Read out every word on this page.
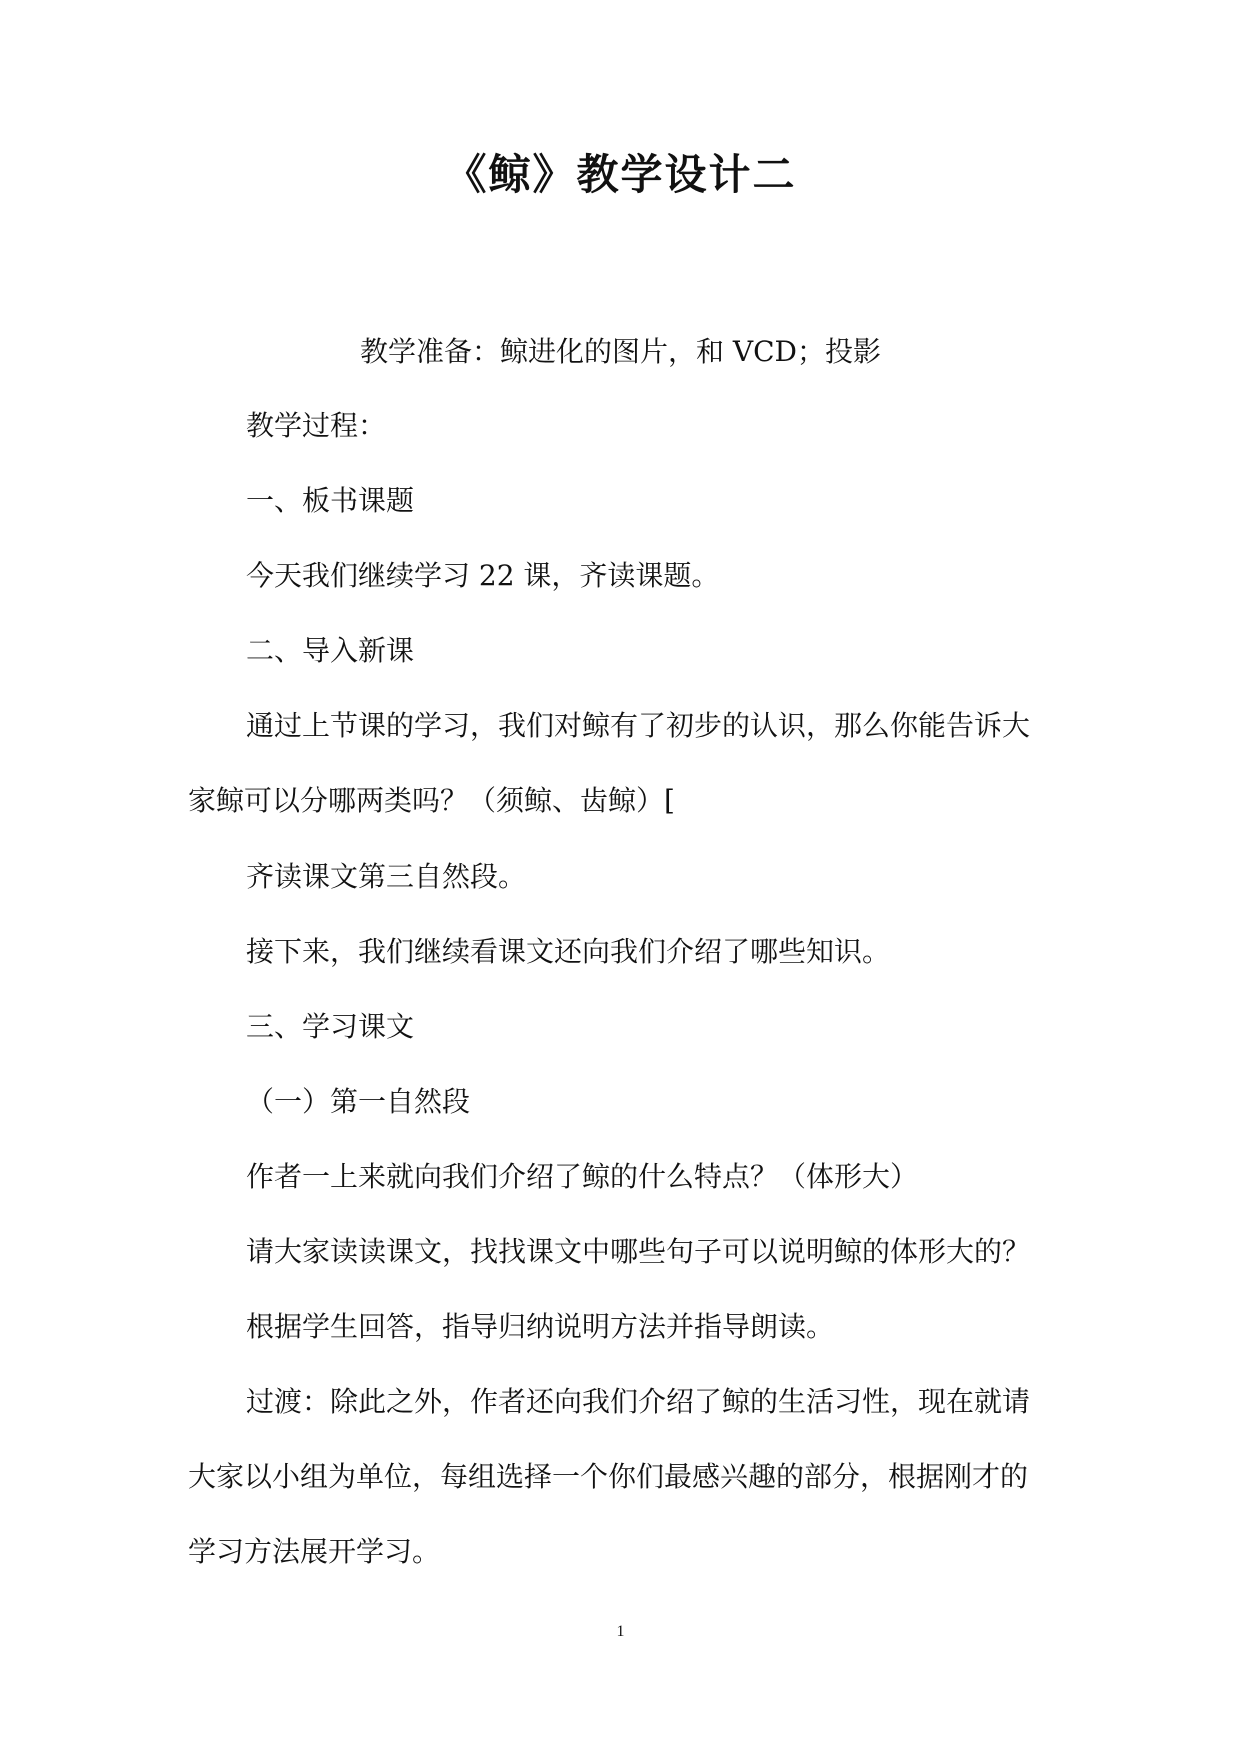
《鲸》教学设计二

教学准备：鲸进化的图片，和 VCD；投影

教学过程：

一、板书课题

今天我们继续学习 22 课，齐读课题。

二、导入新课

通过上节课的学习，我们对鲸有了初步的认识，那么你能告诉大

家鲸可以分哪两类吗？（须鲸、齿鲸）[

齐读课文第三自然段。

接下来，我们继续看课文还向我们介绍了哪些知识。

三、学习课文

（一）第一自然段

作者一上来就向我们介绍了鲸的什么特点？（体形大）

请大家读读课文，找找课文中哪些句子可以说明鲸的体形大的？

根据学生回答，指导归纳说明方法并指导朗读。

过渡：除此之外，作者还向我们介绍了鲸的生活习性，现在就请

大家以小组为单位，每组选择一个你们最感兴趣的部分，根据刚才的

学习方法展开学习。

1
